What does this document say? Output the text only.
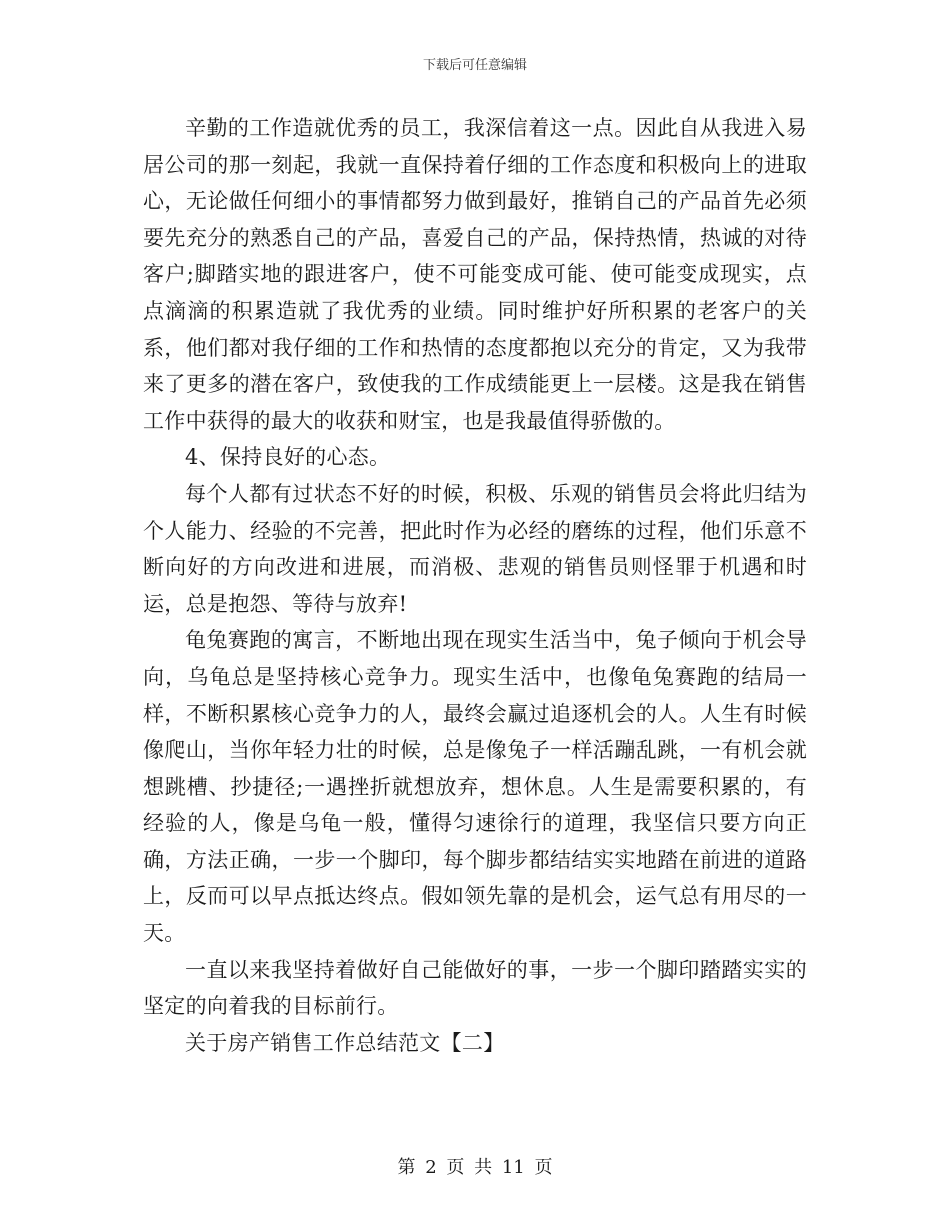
下载后可任意编辑

辛勤的工作造就优秀的员工，我深信着这一点。因此自从我进入易居公司的那一刻起，我就一直保持着仔细的工作态度和积极向上的进取心，无论做任何细小的事情都努力做到最好，推销自己的产品首先必须要先充分的熟悉自己的产品，喜爱自己的产品，保持热情，热诚的对待客户;脚踏实地的跟进客户，使不可能变成可能、使可能变成现实，点点滴滴的积累造就了我优秀的业绩。同时维护好所积累的老客户的关系，他们都对我仔细的工作和热情的态度都抱以充分的肯定，又为我带来了更多的潜在客户，致使我的工作成绩能更上一层楼。这是我在销售工作中获得的最大的收获和财宝，也是我最值得骄傲的。

4、保持良好的心态。

每个人都有过状态不好的时候，积极、乐观的销售员会将此归结为个人能力、经验的不完善，把此时作为必经的磨练的过程，他们乐意不断向好的方向改进和进展，而消极、悲观的销售员则怪罪于机遇和时运，总是抱怨、等待与放弃!

龟兔赛跑的寓言，不断地出现在现实生活当中，兔子倾向于机会导向，乌龟总是坚持核心竞争力。现实生活中，也像龟兔赛跑的结局一样，不断积累核心竞争力的人，最终会赢过追逐机会的人。人生有时候像爬山，当你年轻力壮的时候，总是像兔子一样活蹦乱跳，一有机会就想跳槽、抄捷径;一遇挫折就想放弃，想休息。人生是需要积累的，有经验的人，像是乌龟一般，懂得匀速徐行的道理，我坚信只要方向正确，方法正确，一步一个脚印，每个脚步都结结实实地踏在前进的道路上，反而可以早点抵达终点。假如领先靠的是机会，运气总有用尽的一天。

一直以来我坚持着做好自己能做好的事，一步一个脚印踏踏实实的坚定的向着我的目标前行。

关于房产销售工作总结范文【二】

第 2 页 共 11 页
